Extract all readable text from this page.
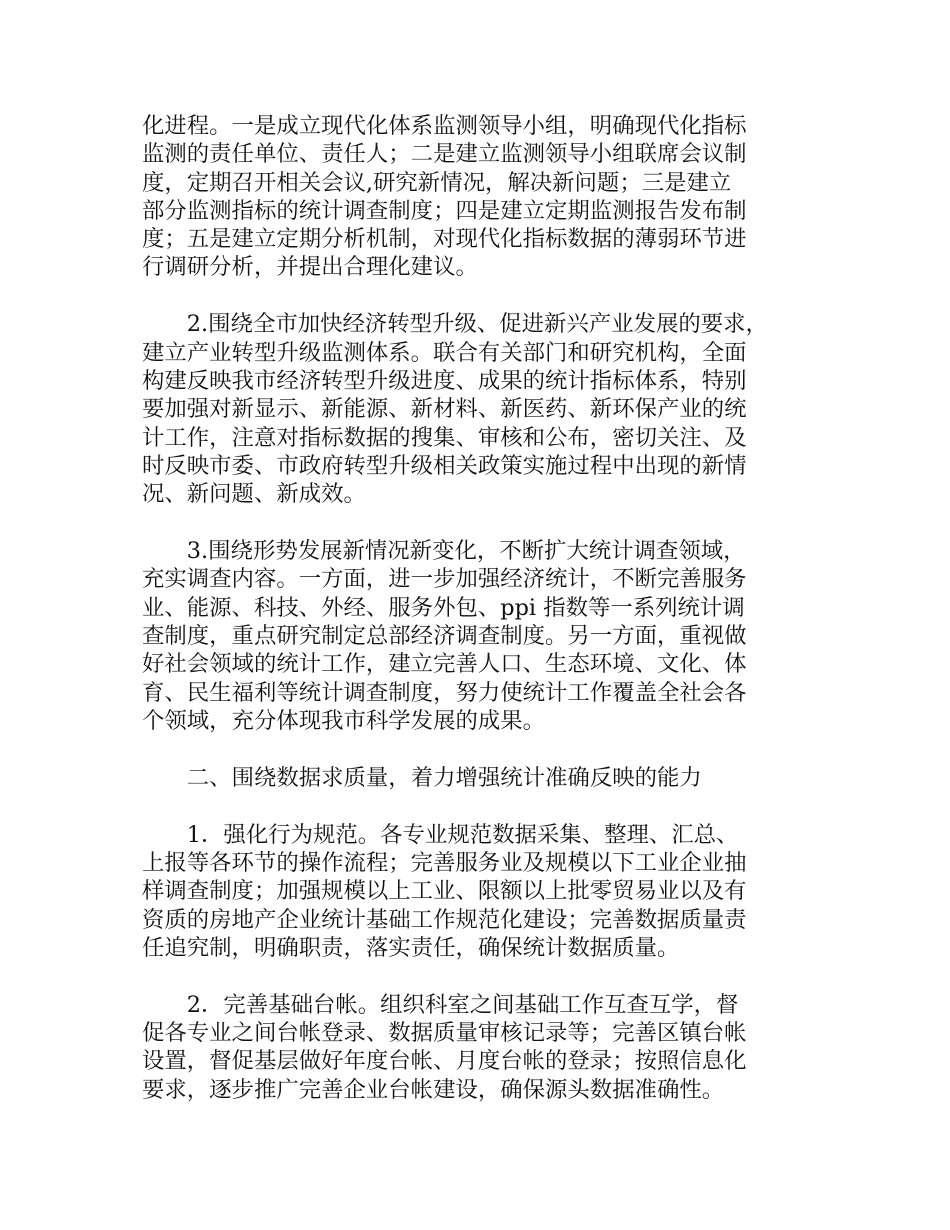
化进程。一是成立现代化体系监测领导小组，明确现代化指标
监测的责任单位、责任人；二是建立监测领导小组联席会议制
度，定期召开相关会议,研究新情况，解决新问题；三是建立
部分监测指标的统计调查制度；四是建立定期监测报告发布制
度；五是建立定期分析机制，对现代化指标数据的薄弱环节进
行调研分析，并提出合理化建议。
2.围绕全市加快经济转型升级、促进新兴产业发展的要求，
建立产业转型升级监测体系。联合有关部门和研究机构，全面
构建反映我市经济转型升级进度、成果的统计指标体系，特别
要加强对新显示、新能源、新材料、新医药、新环保产业的统
计工作，注意对指标数据的搜集、审核和公布，密切关注、及
时反映市委、市政府转型升级相关政策实施过程中出现的新情
况、新问题、新成效。
3.围绕形势发展新情况新变化，不断扩大统计调查领域，
充实调查内容。一方面，进一步加强经济统计，不断完善服务
业、能源、科技、外经、服务外包、ppi 指数等一系列统计调
查制度，重点研究制定总部经济调查制度。另一方面，重视做
好社会领域的统计工作，建立完善人口、生态环境、文化、体
育、民生福利等统计调查制度，努力使统计工作覆盖全社会各
个领域，充分体现我市科学发展的成果。
二、围绕数据求质量，着力增强统计准确反映的能力
1．强化行为规范。各专业规范数据采集、整理、汇总、
上报等各环节的操作流程；完善服务业及规模以下工业企业抽
样调查制度；加强规模以上工业、限额以上批零贸易业以及有
资质的房地产企业统计基础工作规范化建设；完善数据质量责
任追究制，明确职责，落实责任，确保统计数据质量。
2．完善基础台帐。组织科室之间基础工作互查互学，督
促各专业之间台帐登录、数据质量审核记录等；完善区镇台帐
设置，督促基层做好年度台帐、月度台帐的登录；按照信息化
要求，逐步推广完善企业台帐建设，确保源头数据准确性。
